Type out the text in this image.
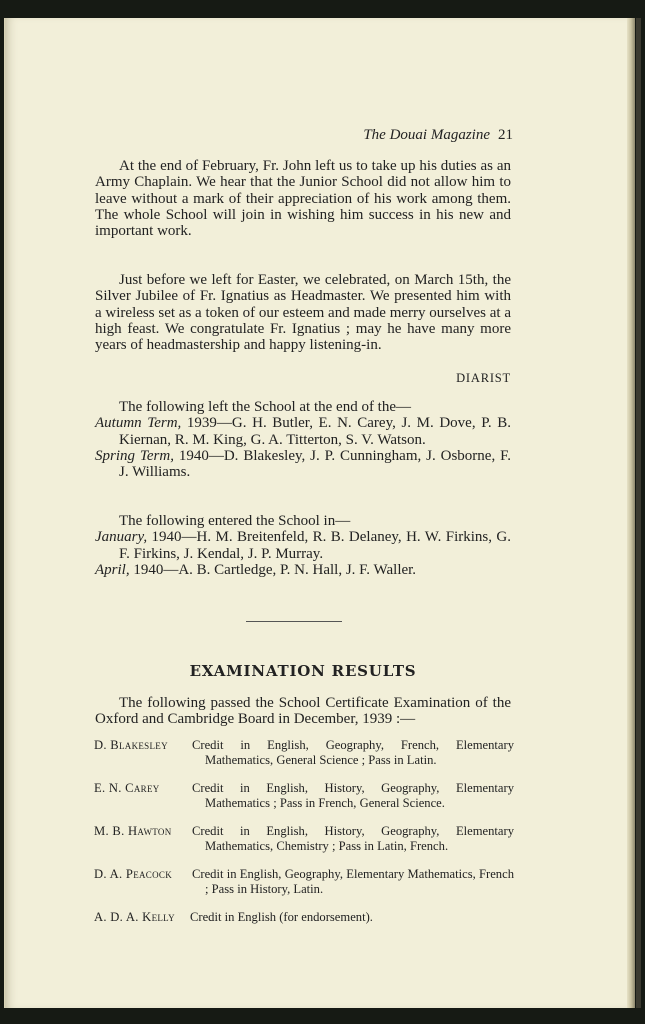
The Douai Magazine 21
At the end of February, Fr. John left us to take up his duties as an Army Chaplain. We hear that the Junior School did not allow him to leave without a mark of their appreciation of his work among them. The whole School will join in wishing him success in his new and important work.
Just before we left for Easter, we celebrated, on March 15th, the Silver Jubilee of Fr. Ignatius as Headmaster. We presented him with a wireless set as a token of our esteem and made merry ourselves at a high feast. We congratulate Fr. Ignatius ; may he have many more years of headmastership and happy listening-in.
DIARIST
The following left the School at the end of the—
Autumn Term, 1939—G. H. Butler, E. N. Carey, J. M. Dove, P. B. Kiernan, R. M. King, G. A. Titterton, S. V. Watson.
Spring Term, 1940—D. Blakesley, J. P. Cunningham, J. Osborne, F. J. Williams.
The following entered the School in—
January, 1940—H. M. Breitenfeld, R. B. Delaney, H. W. Firkins, G. F. Firkins, J. Kendal, J. P. Murray.
April, 1940—A. B. Cartledge, P. N. Hall, J. F. Waller.
EXAMINATION RESULTS
The following passed the School Certificate Examination of the Oxford and Cambridge Board in December, 1939 :—
D. Blakesley Credit in English, Geography, French, Elementary Mathematics, General Science ; Pass in Latin.
E. N. Carey	Credit in English, History, Geography, Elementary Mathematics ; Pass in French, General Science.
M. B. Hawton Credit in English, History, Geography, Elementary Mathematics, Chemistry ; Pass in Latin, French.
D. A. Peacock Credit in English, Geography, Elementary Mathematics, French ; Pass in History, Latin.
A. D. A. Kelly Credit in English (for endorsement).
